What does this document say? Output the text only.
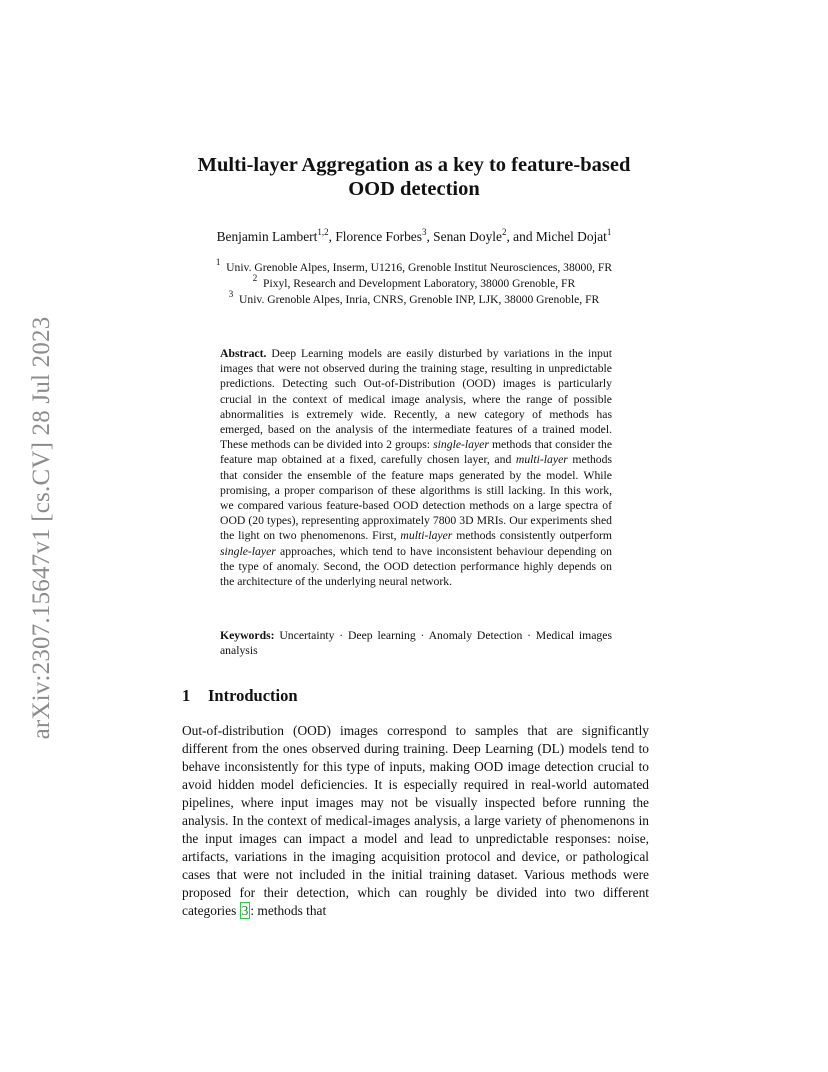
arXiv:2307.15647v1 [cs.CV] 28 Jul 2023
Multi-layer Aggregation as a key to feature-based
OOD detection
Benjamin Lambert$^{1,2}$, Florence Forbes$^3$, Senan Doyle$^2$, and Michel Dojat$^1$
$^1$ Univ. Grenoble Alpes, Inserm, U1216, Grenoble Institut Neurosciences, 38000, FR
$^2$ Pixyl, Research and Development Laboratory, 38000 Grenoble, FR
$^3$ Univ. Grenoble Alpes, Inria, CNRS, Grenoble INP, LJK, 38000 Grenoble, FR
Abstract. Deep Learning models are easily disturbed by variations in the input images that were not observed during the training stage, resulting in unpredictable predictions. Detecting such Out-of-Distribution (OOD) images is particularly crucial in the context of medical image analysis, where the range of possible abnormalities is extremely wide. Recently, a new category of methods has emerged, based on the analysis of the intermediate features of a trained model. These methods can be divided into 2 groups: single-layer methods that consider the feature map obtained at a fixed, carefully chosen layer, and multi-layer methods that consider the ensemble of the feature maps generated by the model. While promising, a proper comparison of these algorithms is still lacking. In this work, we compared various feature-based OOD detection methods on a large spectra of OOD (20 types), representing approximately 7800 3D MRIs. Our experiments shed the light on two phenomenons. First, multi-layer methods consistently outperform single-layer approaches, which tend to have inconsistent behaviour depending on the type of anomaly. Second, the OOD detection performance highly depends on the architecture of the underlying neural network.
Keywords: Uncertainty · Deep learning · Anomaly Detection · Medical images analysis
1 Introduction
Out-of-distribution (OOD) images correspond to samples that are significantly different from the ones observed during training. Deep Learning (DL) models tend to behave inconsistently for this type of inputs, making OOD image detection crucial to avoid hidden model deficiencies. It is especially required in real-world automated pipelines, where input images may not be visually inspected before running the analysis. In the context of medical-images analysis, a large variety of phenomenons in the input images can impact a model and lead to unpredictable responses: noise, artifacts, variations in the imaging acquisition protocol and device, or pathological cases that were not included in the initial training dataset. Various methods were proposed for their detection, which can roughly be divided into two different categories 3 : methods that
